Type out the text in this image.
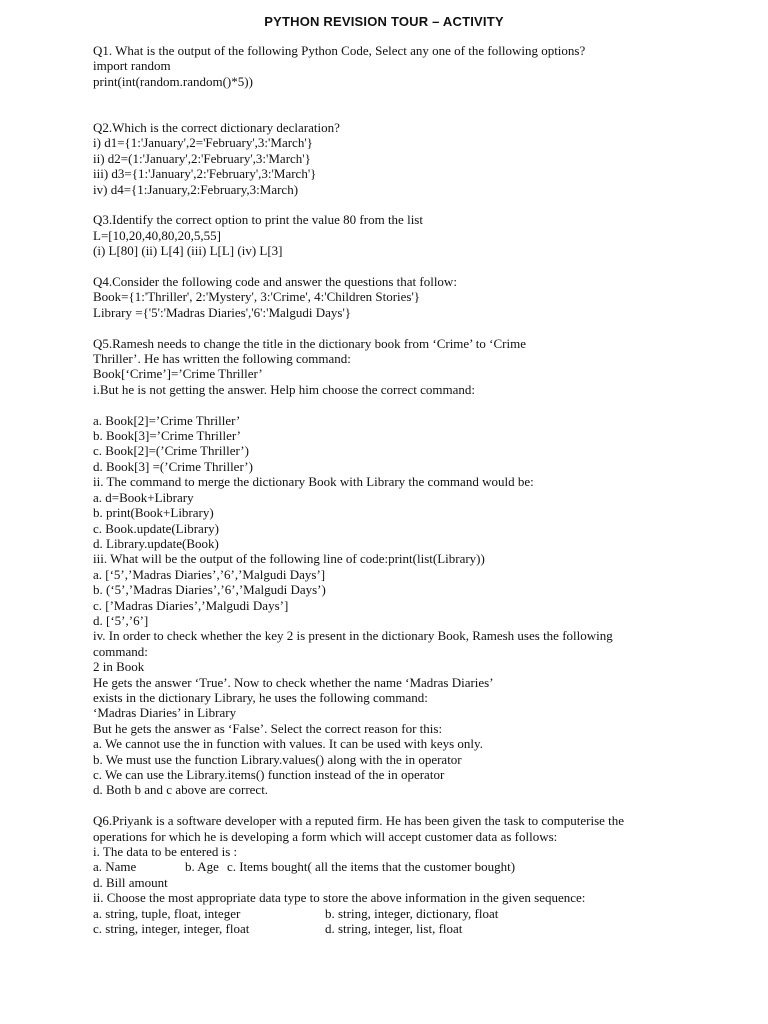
PYTHON REVISION TOUR – ACTIVITY
Q1. What is the output of the following Python Code, Select any one of the following options?
import random
print(int(random.random()*5))
Q2.Which is the correct dictionary declaration?
i) d1={1:'January',2='February',3:'March'}
ii) d2=(1:'January',2:'February',3:'March'}
iii) d3={1:'January',2:'February',3:'March'}
iv) d4={1:January,2:February,3:March)
Q3.Identify the correct option to print the value 80 from the list
L=[10,20,40,80,20,5,55]
(i) L[80] (ii) L[4] (iii) L[L] (iv) L[3]
Q4.Consider the following code and answer the questions that follow:
Book={1:'Thriller', 2:'Mystery', 3:'Crime', 4:'Children Stories'}
Library ={'5':'Madras Diaries','6':'Malgudi Days'}
Q5.Ramesh needs to change the title in the dictionary book from ‘Crime’ to ‘Crime
Thriller’. He has written the following command:
Book[‘Crime’]=’Crime Thriller’
i.But he is not getting the answer. Help him choose the correct command:
a. Book[2]=’Crime Thriller’
b. Book[3]=’Crime Thriller’
c. Book[2]=(’Crime Thriller’)
d. Book[3] =(’Crime Thriller’)
ii. The command to merge the dictionary Book with Library the command would be:
a. d=Book+Library
b. print(Book+Library)
c. Book.update(Library)
d. Library.update(Book)
iii. What will be the output of the following line of code:print(list(Library))
a. [‘5’,’Madras Diaries’,’6’,’Malgudi Days’]
b. (‘5’,’Madras Diaries’,’6’,’Malgudi Days’)
c. [’Madras Diaries’,’Malgudi Days’]
d. [‘5’,’6’]
iv. In order to check whether the key 2 is present in the dictionary Book, Ramesh uses the following
command:
2 in Book
He gets the answer ‘True’. Now to check whether the name ‘Madras Diaries’
exists in the dictionary Library, he uses the following command:
‘Madras Diaries’ in Library
But he gets the answer as ‘False’. Select the correct reason for this:
a. We cannot use the in function with values. It can be used with keys only.
b. We must use the function Library.values() along with the in operator
c. We can use the Library.items() function instead of the in operator
d. Both b and c above are correct.
Q6.Priyank is a software developer with a reputed firm. He has been given the task to computerise the
operations for which he is developing a form which will accept customer data as follows:
i. The data to be entered is :
a. Name	b. Age c. Items bought( all the items that the customer bought)
d. Bill amount
ii. Choose the most appropriate data type to store the above information in the given sequence:
a. string, tuple, float, integer	b. string, integer, dictionary, float
c. string, integer, integer, float	d. string, integer, list, float
